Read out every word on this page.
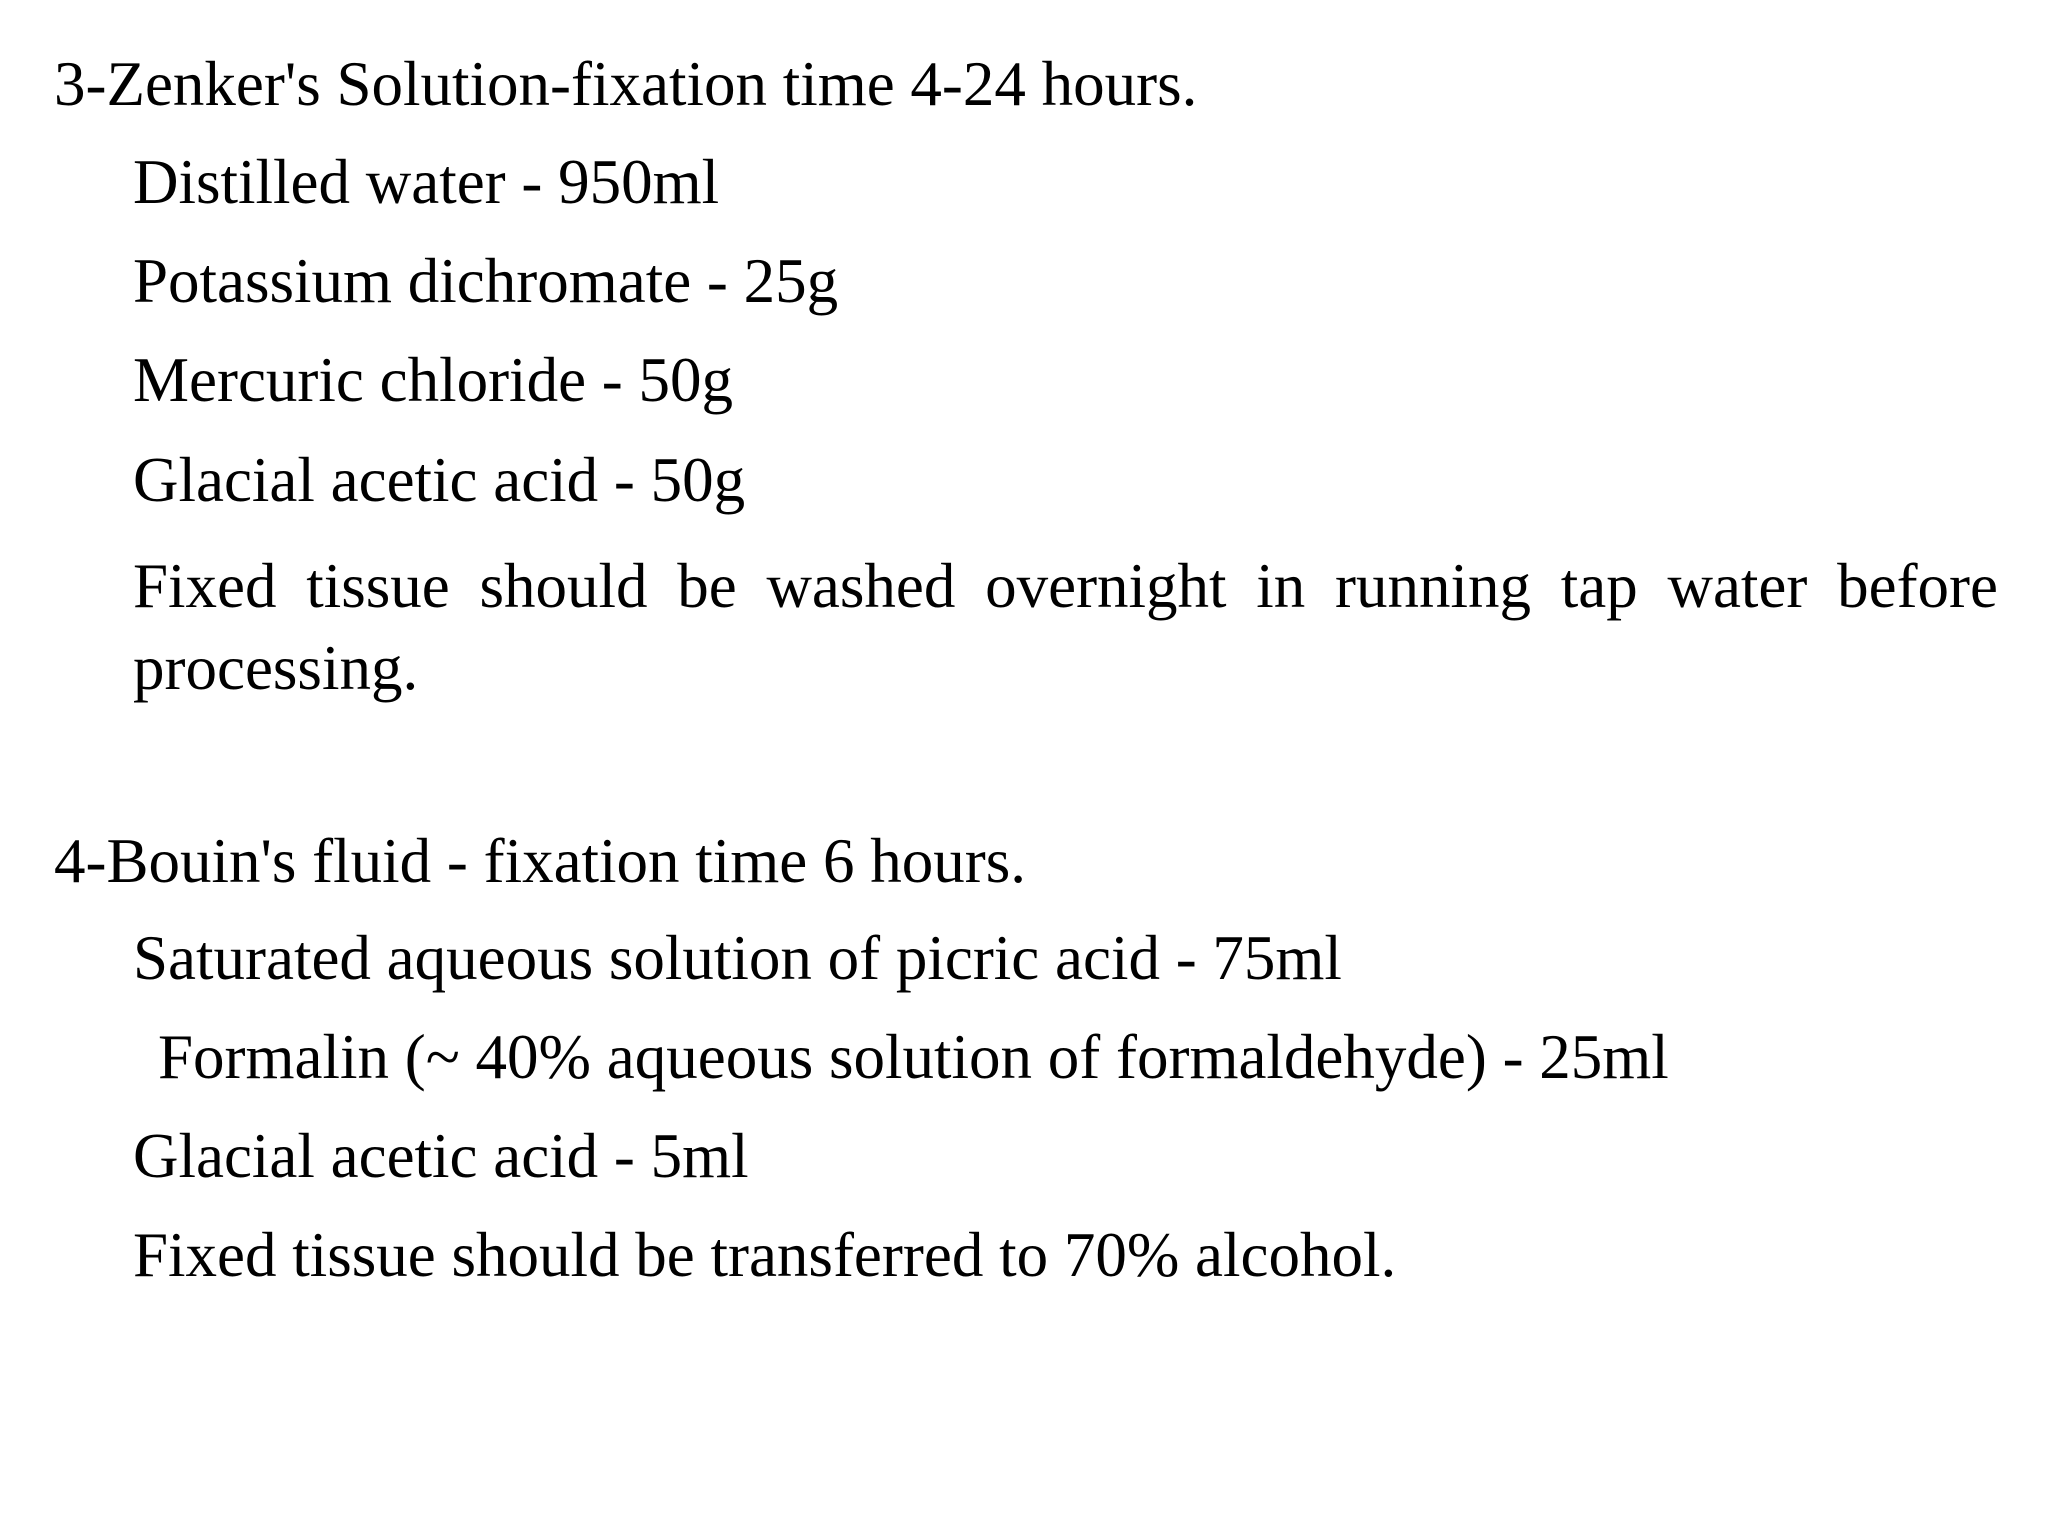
3-Zenker's Solution-fixation time 4-24 hours.
Distilled water - 950ml
Potassium dichromate - 25g
Mercuric chloride - 50g
Glacial acetic acid - 50g
Fixed tissue should be washed overnight in running tap water before processing.
4-Bouin's fluid - fixation time 6 hours.
Saturated aqueous solution of picric acid - 75ml
Formalin (~ 40% aqueous solution of formaldehyde) - 25ml
Glacial acetic acid - 5ml
Fixed tissue should be transferred to 70% alcohol.
